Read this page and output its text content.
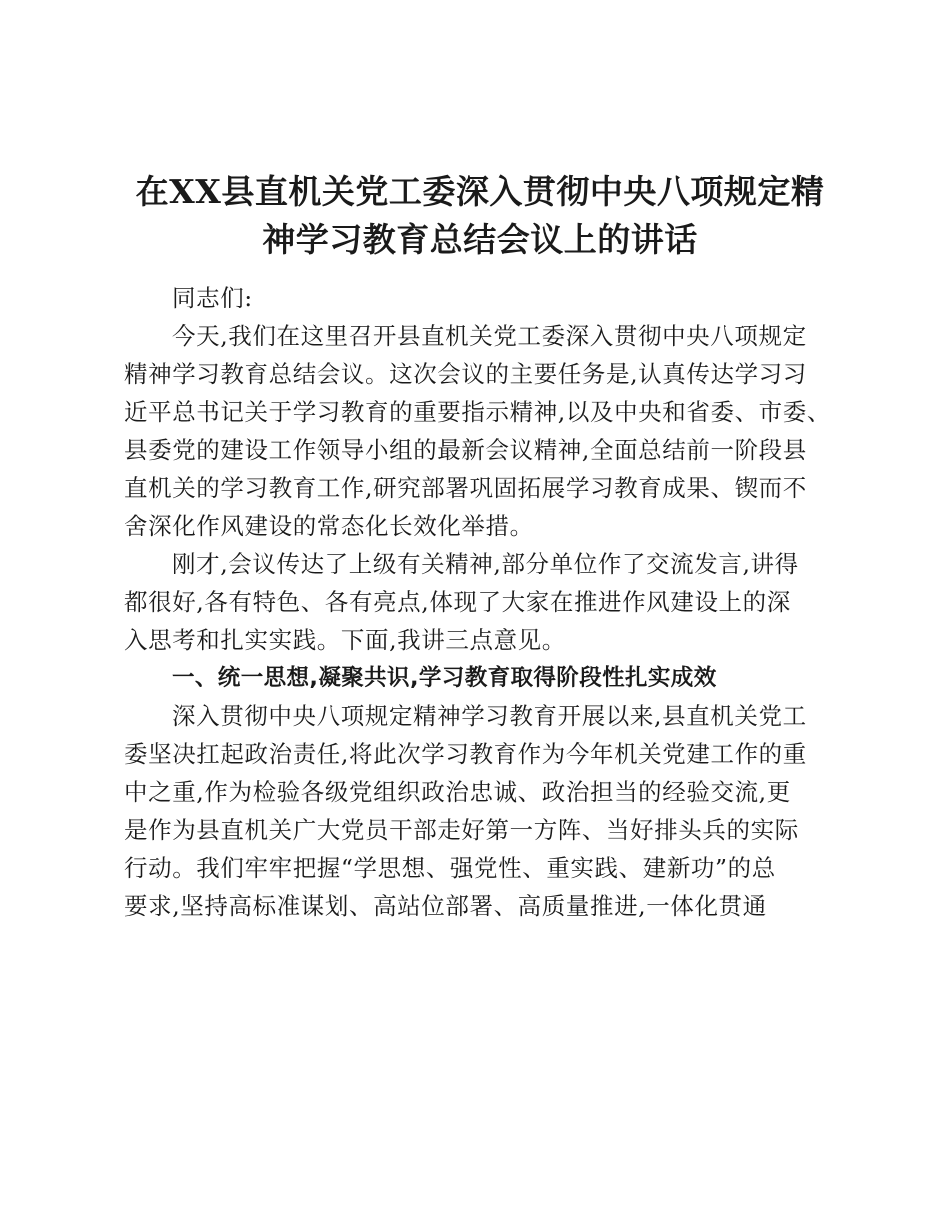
在XX县直机关党工委深入贯彻中央八项规定精
神学习教育总结会议上的讲话

同志们:

今天,我们在这里召开县直机关党工委深入贯彻中央八项规定
精神学习教育总结会议。这次会议的主要任务是,认真传达学习习
近平总书记关于学习教育的重要指示精神,以及中央和省委、市委、
县委党的建设工作领导小组的最新会议精神,全面总结前一阶段县
直机关的学习教育工作,研究部署巩固拓展学习教育成果、锲而不
舍深化作风建设的常态化长效化举措。

刚才,会议传达了上级有关精神,部分单位作了交流发言,讲得
都很好,各有特色、各有亮点,体现了大家在推进作风建设上的深
入思考和扎实实践。下面,我讲三点意见。

一、统一思想,凝聚共识,学习教育取得阶段性扎实成效

深入贯彻中央八项规定精神学习教育开展以来,县直机关党工
委坚决扛起政治责任,将此次学习教育作为今年机关党建工作的重
中之重,作为检验各级党组织政治忠诚、政治担当的经验交流,更
是作为县直机关广大党员干部走好第一方阵、当好排头兵的实际
行动。我们牢牢把握“学思想、强党性、重实践、建新功”的总
要求,坚持高标准谋划、高站位部署、高质量推进,一体化贯通
